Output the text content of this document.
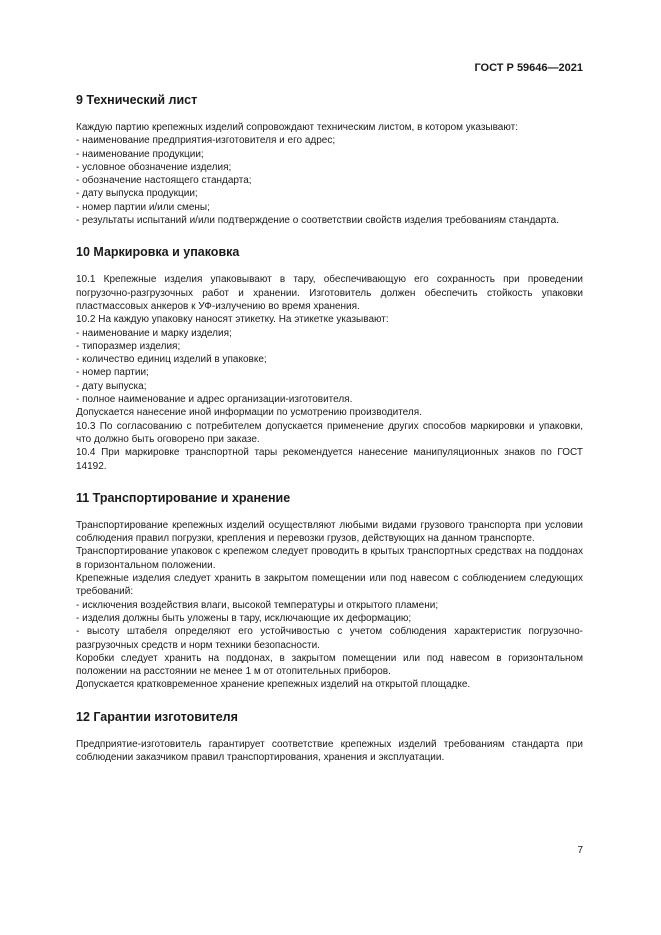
ГОСТ Р 59646—2021
9 Технический лист

Каждую партию крепежных изделий сопровождают техническим листом, в котором указывают:

- наименование предприятия-изготовителя и его адрес;

- наименование продукции;

- условное обозначение изделия;

- обозначение настоящего стандарта;

- дату выпуска продукции;

- номер партии и/или смены;

- результаты испытаний и/или подтверждение о соответствии свойств изделия требованиям стандарта.

10 Маркировка и упаковка

10.1 Крепежные изделия упаковывают в тару, обеспечивающую его сохранность при проведении погрузочно-разгрузочных работ и хранении. Изготовитель должен обеспечить стойкость упаковки пластмассовых анкеров к УФ-излучению во время хранения.

10.2 На каждую упаковку наносят этикетку. На этикетке указывают:

- наименование и марку изделия;

- типоразмер изделия;

- количество единиц изделий в упаковке;

- номер партии;

- дату выпуска;

- полное наименование и адрес организации-изготовителя.

Допускается нанесение иной информации по усмотрению производителя.

10.3 По согласованию с потребителем допускается применение других способов маркировки и упаковки, что должно быть оговорено при заказе.

10.4 При маркировке транспортной тары рекомендуется нанесение манипуляционных знаков по ГОСТ 14192.

11 Транспортирование и хранение

Транспортирование крепежных изделий осуществляют любыми видами грузового транспорта при условии соблюдения правил погрузки, крепления и перевозки грузов, действующих на данном транспорте.

Транспортирование упаковок с крепежом следует проводить в крытых транспортных средствах на поддонах в горизонтальном положении.

Крепежные изделия следует хранить в закрытом помещении или под навесом с соблюдением следующих требований:

- исключения воздействия влаги, высокой температуры и открытого пламени;

- изделия должны быть уложены в тару, исключающие их деформацию;

- высоту штабеля определяют его устойчивостью с учетом соблюдения характеристик погрузочно-разгрузочных средств и норм техники безопасности.

Коробки следует хранить на поддонах, в закрытом помещении или под навесом в горизонтальном положении на расстоянии не менее 1 м от отопительных приборов.

Допускается кратковременное хранение крепежных изделий на открытой площадке.

12 Гарантии изготовителя

Предприятие-изготовитель гарантирует соответствие крепежных изделий требованиям стандарта при соблюдении заказчиком правил транспортирования, хранения и эксплуатации.

7
